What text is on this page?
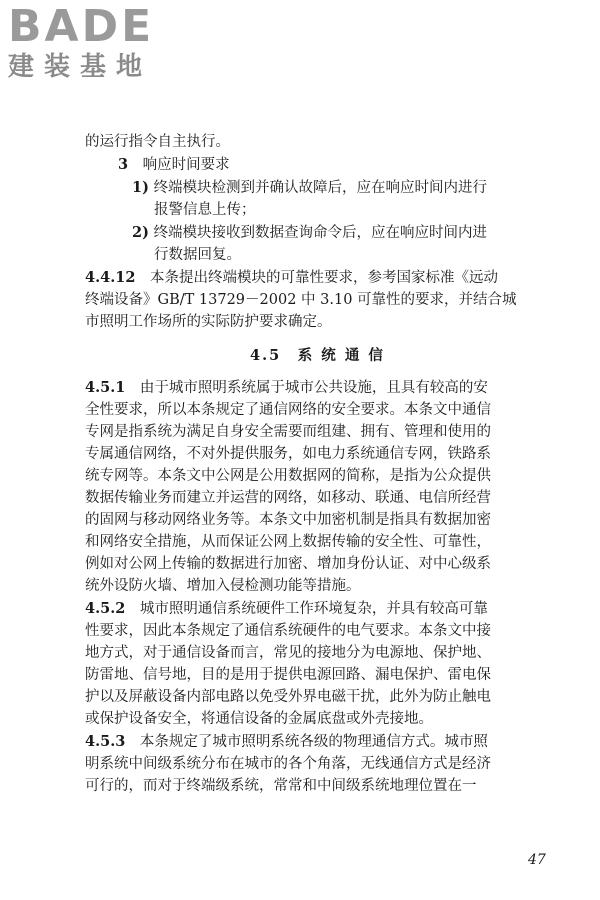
BADE
建装基地
的运行指令自主执行。
3　 响应时间要求
1) 终端模块检测到并确认故障后，应在响应时间内进行
报警信息上传；
2) 终端模块接收到数据查询命令后，应在响应时间内进
行数据回复。
4.4.12　 本条提出终端模块的可靠性要求，参考国家标准《远动
终端设备》GB/T 13729－2002 中 3.10 可靠性的要求，并结合城
市照明工作场所的实际防护要求确定。
4.5　系 统 通 信
4.5.1　 由于城市照明系统属于城市公共设施，且具有较高的安
全性要求，所以本条规定了通信网络的安全要求。本条文中通信
专网是指系统为满足自身安全需要而组建、拥有、管理和使用的
专属通信网络，不对外提供服务，如电力系统通信专网，铁路系
统专网等。本条文中公网是公用数据网的简称，是指为公众提供
数据传输业务而建立并运营的网络，如移动、联通、电信所经营
的固网与移动网络业务等。本条文中加密机制是指具有数据加密
和网络安全措施，从而保证公网上数据传输的安全性、可靠性，
例如对公网上传输的数据进行加密、增加身份认证、对中心级系
统外设防火墙、增加入侵检测功能等措施。
4.5.2　 城市照明通信系统硬件工作环境复杂，并具有较高可靠
性要求，因此本条规定了通信系统硬件的电气要求。本条文中接
地方式，对于通信设备而言，常见的接地分为电源地、保护地、
防雷地、信号地，目的是用于提供电源回路、漏电保护、雷电保
护以及屏蔽设备内部电路以免受外界电磁干扰，此外为防止触电
或保护设备安全，将通信设备的金属底盘或外壳接地。
4.5.3　 本条规定了城市照明系统各级的物理通信方式。城市照
明系统中间级系统分布在城市的各个角落，无线通信方式是经济
可行的，而对于终端级系统，常常和中间级系统地理位置在一
47
